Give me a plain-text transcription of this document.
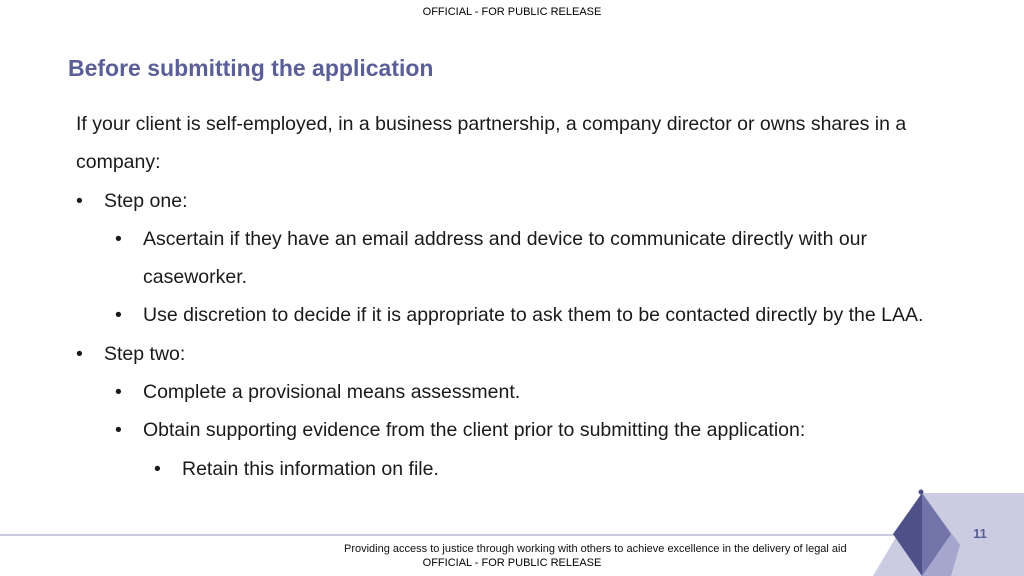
OFFICIAL - FOR PUBLIC RELEASE
Before submitting the application

If your client is self-employed, in a business partnership, a company director or owns shares in a company:

• Step one:

• Ascertain if they have an email address and device to communicate directly with our caseworker.

• Use discretion to decide if it is appropriate to ask them to be contacted directly by the LAA.

• Step two:

• Complete a provisional means assessment.

• Obtain supporting evidence from the client prior to submitting the application:

• Retain this information on file.

11
Providing access to justice through working with others to achieve excellence in the delivery of legal aid
OFFICIAL - FOR PUBLIC RELEASE
